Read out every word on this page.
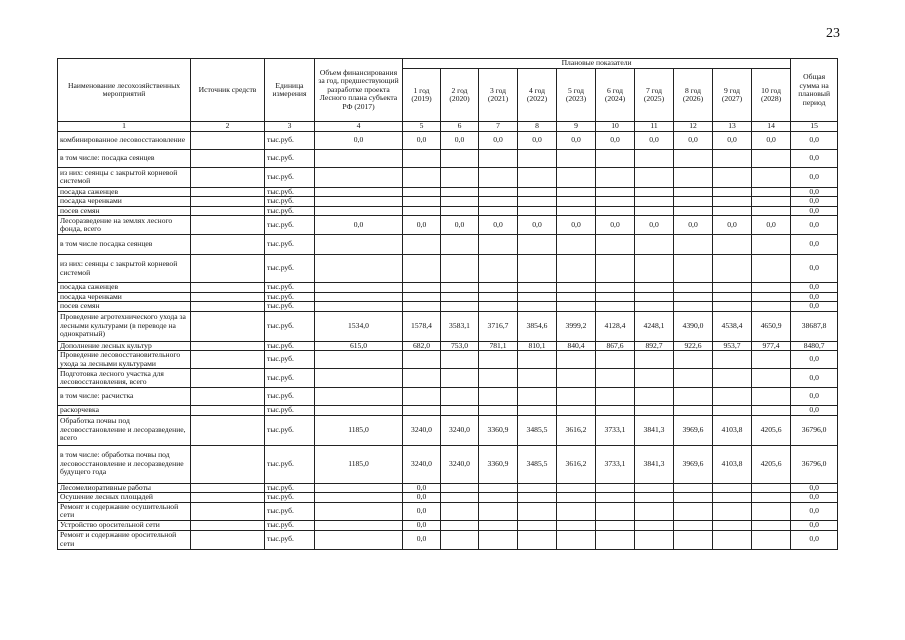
23
Наименование лесохозяйственных мероприятий	Источник средств	Единица измерения	Объем финансирования за год, предшествующий разработке проекта Лесного плана субъекта РФ (2017)	Плановые показатели										Общая сумма на плановый период
				1 год (2019)	2 год (2020)	3 год (2021)	4 год (2022)	5 год (2023)	6 год (2024)	7 год (2025)	8 год (2026)	9 год (2027)	10 год (2028)	
1	2	3	4	5	6	7	8	9	10	11	12	13	14	15
комбинированное лесовосстановление		тыс.руб.	0,0	0,0	0,0	0,0	0,0	0,0	0,0	0,0	0,0	0,0	0,0	0,0
в том числе: посадка сеянцев		тыс.руб.												0,0
из них: сеянцы с закрытой корневой системой		тыс.руб.												0,0
посадка саженцев		тыс.руб.												0,0
посадка черенками		тыс.руб.												0,0
посев семян		тыс.руб.												0,0
Лесоразведение на землях лесного фонда, всего		тыс.руб.	0,0	0,0	0,0	0,0	0,0	0,0	0,0	0,0	0,0	0,0	0,0	0,0
в том числе посадка сеянцев		тыс.руб.												0,0
из них: сеянцы с закрытой корневой системой		тыс.руб.												0,0
посадка саженцев		тыс.руб.												0,0
посадка черенками		тыс.руб.												0,0
посев семян		тыс.руб.												0,0
Проведение агротехнического ухода за лесными культурами (в переводе на однократный)		тыс.руб.	1534,0	1578,4	3583,1	3716,7	3854,6	3999,2	4128,4	4248,1	4390,0	4538,4	4650,9	38687,8
Дополнение лесных культур		тыс.руб.	615,0	682,0	753,0	781,1	810,1	840,4	867,6	892,7	922,6	953,7	977,4	8480,7
Проведение лесовосстановительного ухода за лесными культурами		тыс.руб.												0,0
Подготовка лесного участка для лесовосстановления, всего		тыс.руб.												0,0
в том числе: расчистка		тыс.руб.												0,0
раскорчевка		тыс.руб.												0,0
Обработка почвы под лесовосстановление и лесоразведение, всего		тыс.руб.	1185,0	3240,0	3240,0	3360,9	3485,5	3616,2	3733,1	3841,3	3969,6	4103,8	4205,6	36796,0
в том числе: обработка почвы под лесовосстановление и лесоразведение будущего года		тыс.руб.	1185,0	3240,0	3240,0	3360,9	3485,5	3616,2	3733,1	3841,3	3969,6	4103,8	4205,6	36796,0
Лесомелиоративные работы		тыс.руб.		0,0										0,0
Осушение лесных площадей		тыс.руб.		0,0										0,0
Ремонт и содержание осушительной сети		тыс.руб.		0,0										0,0
Устройство оросительной сети		тыс.руб.		0,0										0,0
Ремонт и содержание оросительной сети		тыс.руб.		0,0										0,0
